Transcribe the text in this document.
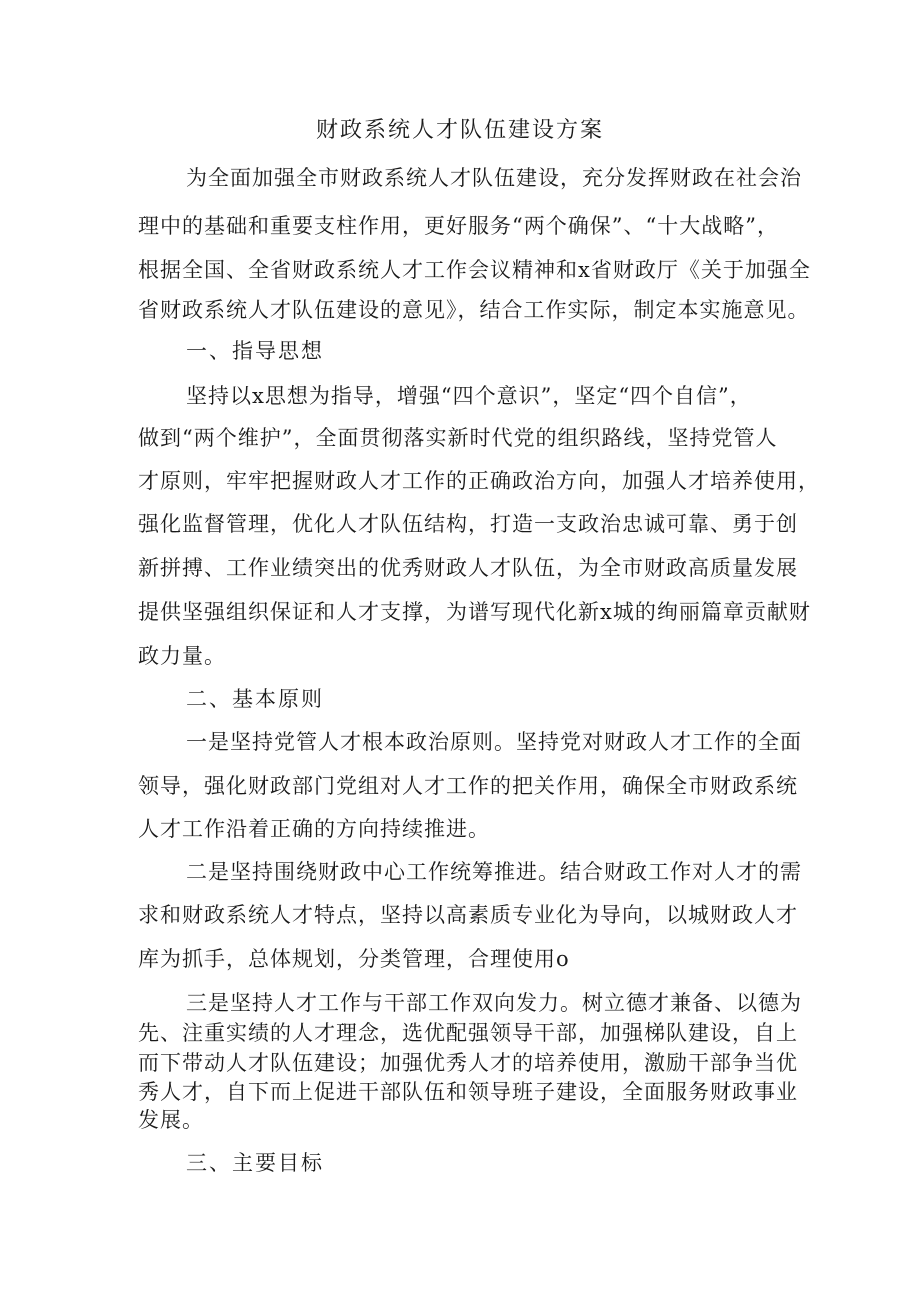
财政系统人才队伍建设方案
为全面加强全市财政系统人才队伍建设，充分发挥财政在社会治
理中的基础和重要支柱作用，更好服务“两个确保”、“十大战略”，
根据全国、全省财政系统人才工作会议精神和x省财政厅《关于加强全
省财政系统人才队伍建设的意见》，结合工作实际，制定本实施意见。
一、指导思想
坚持以x思想为指导，增强“四个意识”，坚定“四个自信”，
做到“两个维护”，全面贯彻落实新时代党的组织路线，坚持党管人
才原则，牢牢把握财政人才工作的正确政治方向，加强人才培养使用，
强化监督管理，优化人才队伍结构，打造一支政治忠诚可靠、勇于创
新拼搏、工作业绩突出的优秀财政人才队伍，为全市财政高质量发展
提供坚强组织保证和人才支撑，为谱写现代化新x城的绚丽篇章贡献财
政力量。
二、基本原则
一是坚持党管人才根本政治原则。坚持党对财政人才工作的全面
领导，强化财政部门党组对人才工作的把关作用，确保全市财政系统
人才工作沿着正确的方向持续推进。
二是坚持围绕财政中心工作统筹推进。结合财政工作对人才的需
求和财政系统人才特点，坚持以高素质专业化为导向，以城财政人才
库为抓手，总体规划，分类管理，合理使用o
三是坚持人才工作与干部工作双向发力。树立德才兼备、以德为
先、注重实绩的人才理念，选优配强领导干部，加强梯队建设，自上
而下带动人才队伍建设；加强优秀人才的培养使用，激励干部争当优
秀人才，自下而上促进干部队伍和领导班子建设，全面服务财政事业
发展。
三、主要目标
